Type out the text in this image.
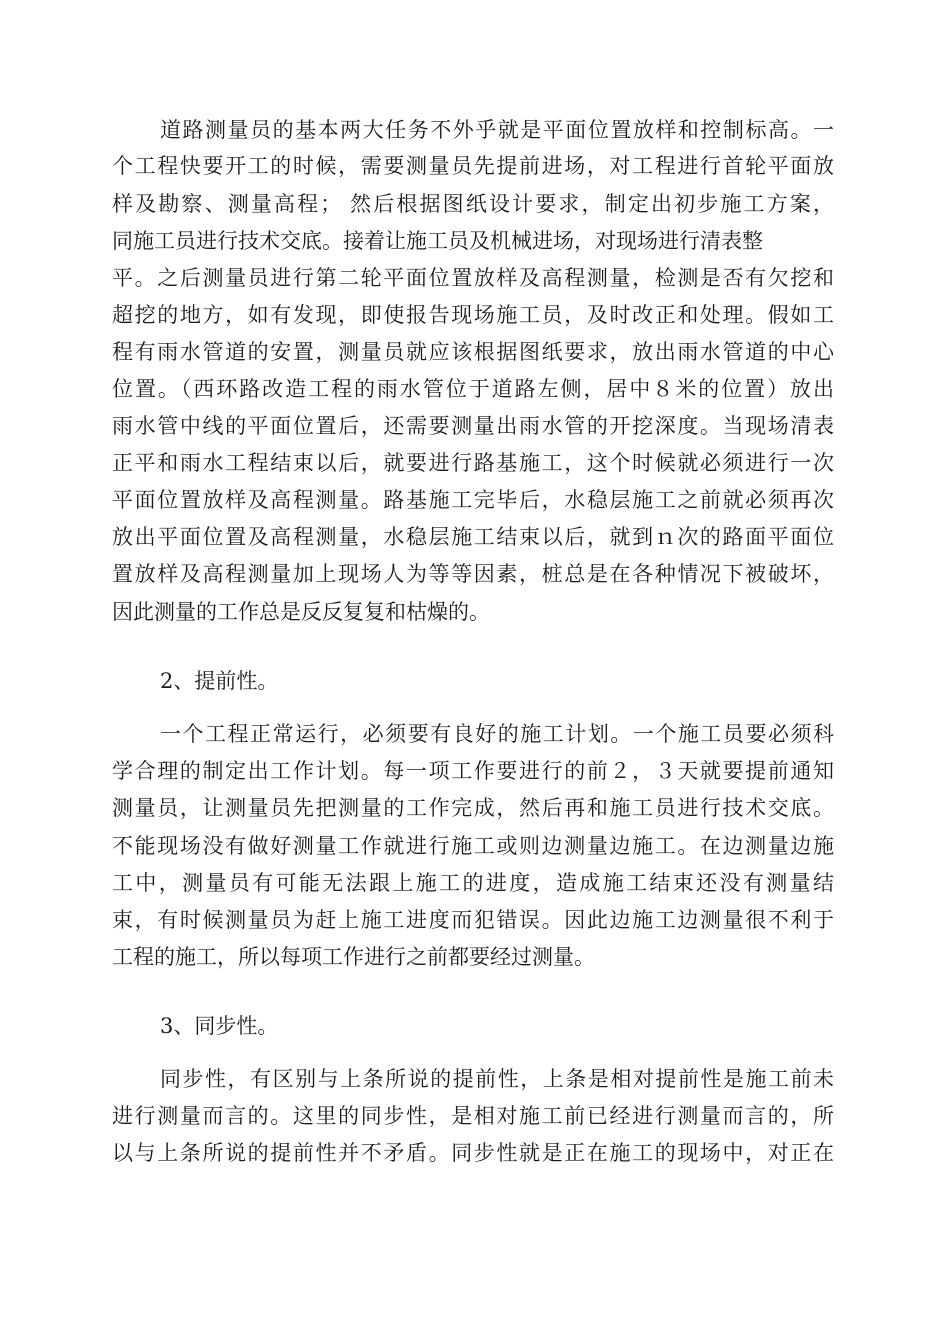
道路测量员的基本两大任务不外乎就是平面位置放样和控制标高。一
个工程快要开工的时候，需要测量员先提前进场，对工程进行首轮平面放
样及勘察、测量高程； 然后根据图纸设计要求，制定出初步施工方案，
同施工员进行技术交底。接着让施工员及机械进场，对现场进行清表整
平。之后测量员进行第二轮平面位置放样及高程测量，检测是否有欠挖和
超挖的地方，如有发现，即使报告现场施工员，及时改正和处理。假如工
程有雨水管道的安置，测量员就应该根据图纸要求，放出雨水管道的中心
位置。（西环路改造工程的雨水管位于道路左侧，居中８米的位置）放出
雨水管中线的平面位置后，还需要测量出雨水管的开挖深度。当现场清表
正平和雨水工程结束以后，就要进行路基施工，这个时候就必须进行一次
平面位置放样及高程测量。路基施工完毕后，水稳层施工之前就必须再次
放出平面位置及高程测量，水稳层施工结束以后，就到ｎ次的路面平面位
置放样及高程测量加上现场人为等等因素，桩总是在各种情况下被破坏，
因此测量的工作总是反反复复和枯燥的。
2、提前性。
一个工程正常运行，必须要有良好的施工计划。一个施工员要必须科
学合理的制定出工作计划。每一项工作要进行的前２，３天就要提前通知
测量员，让测量员先把测量的工作完成，然后再和施工员进行技术交底。
不能现场没有做好测量工作就进行施工或则边测量边施工。在边测量边施
工中，测量员有可能无法跟上施工的进度，造成施工结束还没有测量结
束，有时候测量员为赶上施工进度而犯错误。因此边施工边测量很不利于
工程的施工，所以每项工作进行之前都要经过测量。
3、同步性。
同步性，有区别与上条所说的提前性，上条是相对提前性是施工前未
进行测量而言的。这里的同步性，是相对施工前已经进行测量而言的，所
以与上条所说的提前性并不矛盾。同步性就是正在施工的现场中，对正在
